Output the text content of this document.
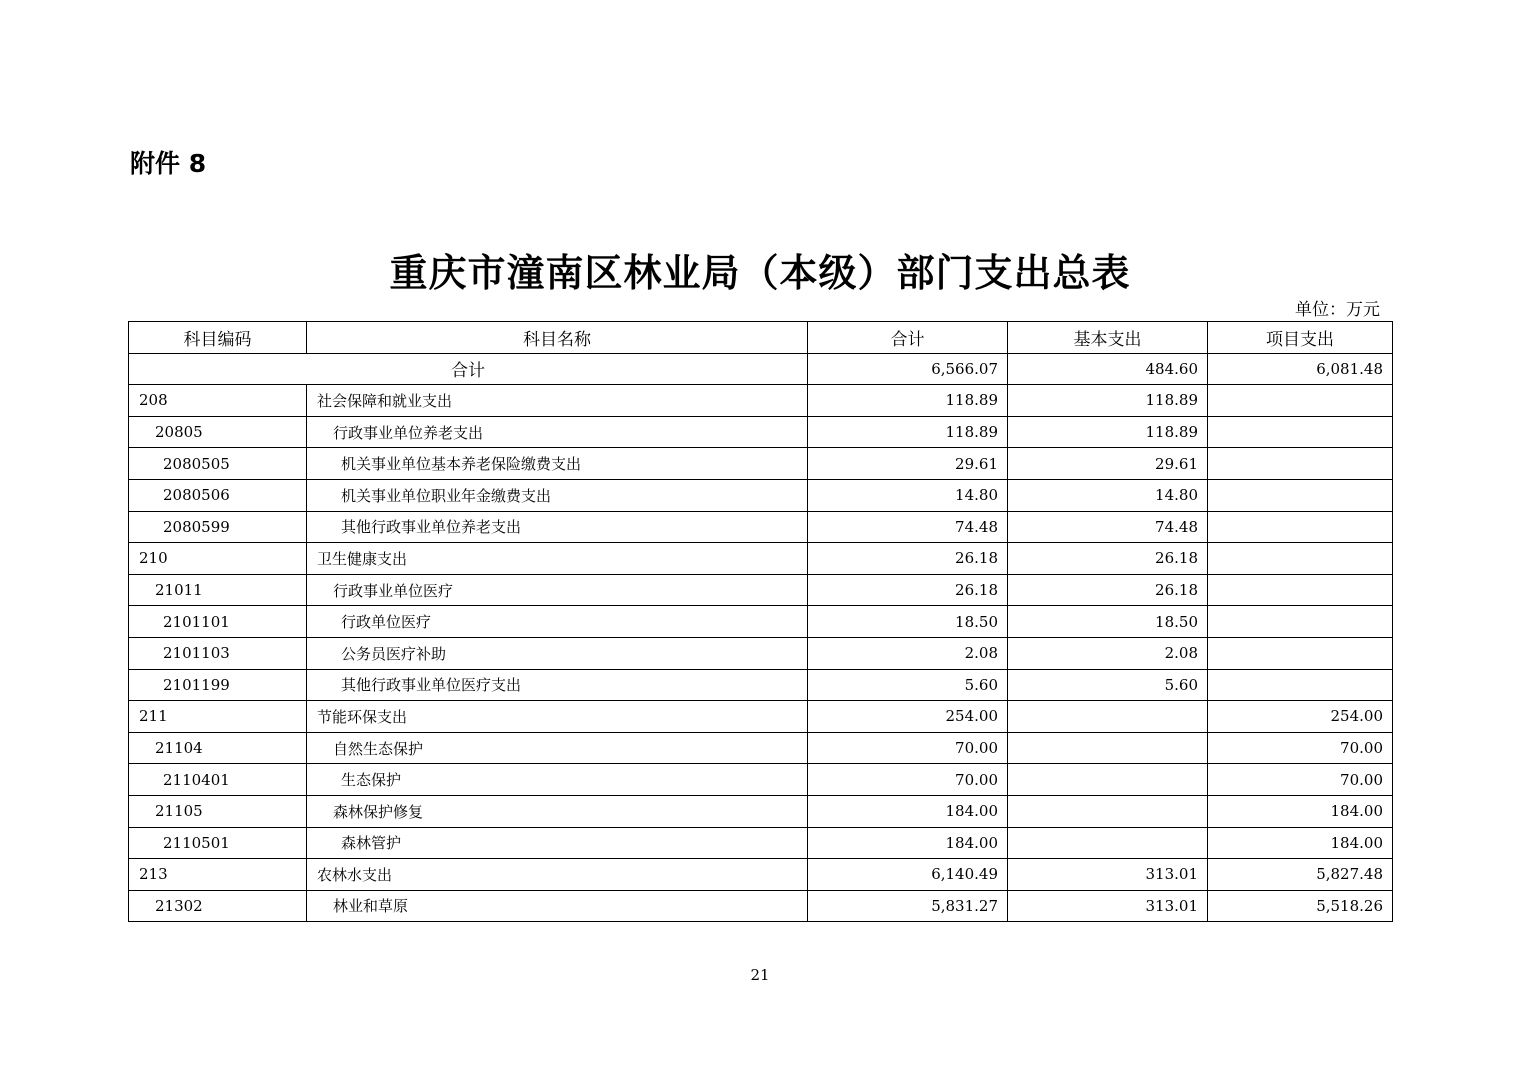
附件 8
重庆市潼南区林业局（本级）部门支出总表
单位：万元
科目编码	科目名称	合计	基本支出	项目支出
合计		6,566.07	484.60	6,081.48
208	社会保障和就业支出	118.89	118.89	
20805	行政事业单位养老支出	118.89	118.89	
2080505	机关事业单位基本养老保险缴费支出	29.61	29.61	
2080506	机关事业单位职业年金缴费支出	14.80	14.80	
2080599	其他行政事业单位养老支出	74.48	74.48	
210	卫生健康支出	26.18	26.18	
21011	行政事业单位医疗	26.18	26.18	
2101101	行政单位医疗	18.50	18.50	
2101103	公务员医疗补助	2.08	2.08	
2101199	其他行政事业单位医疗支出	5.60	5.60	
211	节能环保支出	254.00		254.00
21104	自然生态保护	70.00		70.00
2110401	生态保护	70.00		70.00
21105	森林保护修复	184.00		184.00
2110501	森林管护	184.00		184.00
213	农林水支出	6,140.49	313.01	5,827.48
21302	林业和草原	5,831.27	313.01	5,518.26
21
